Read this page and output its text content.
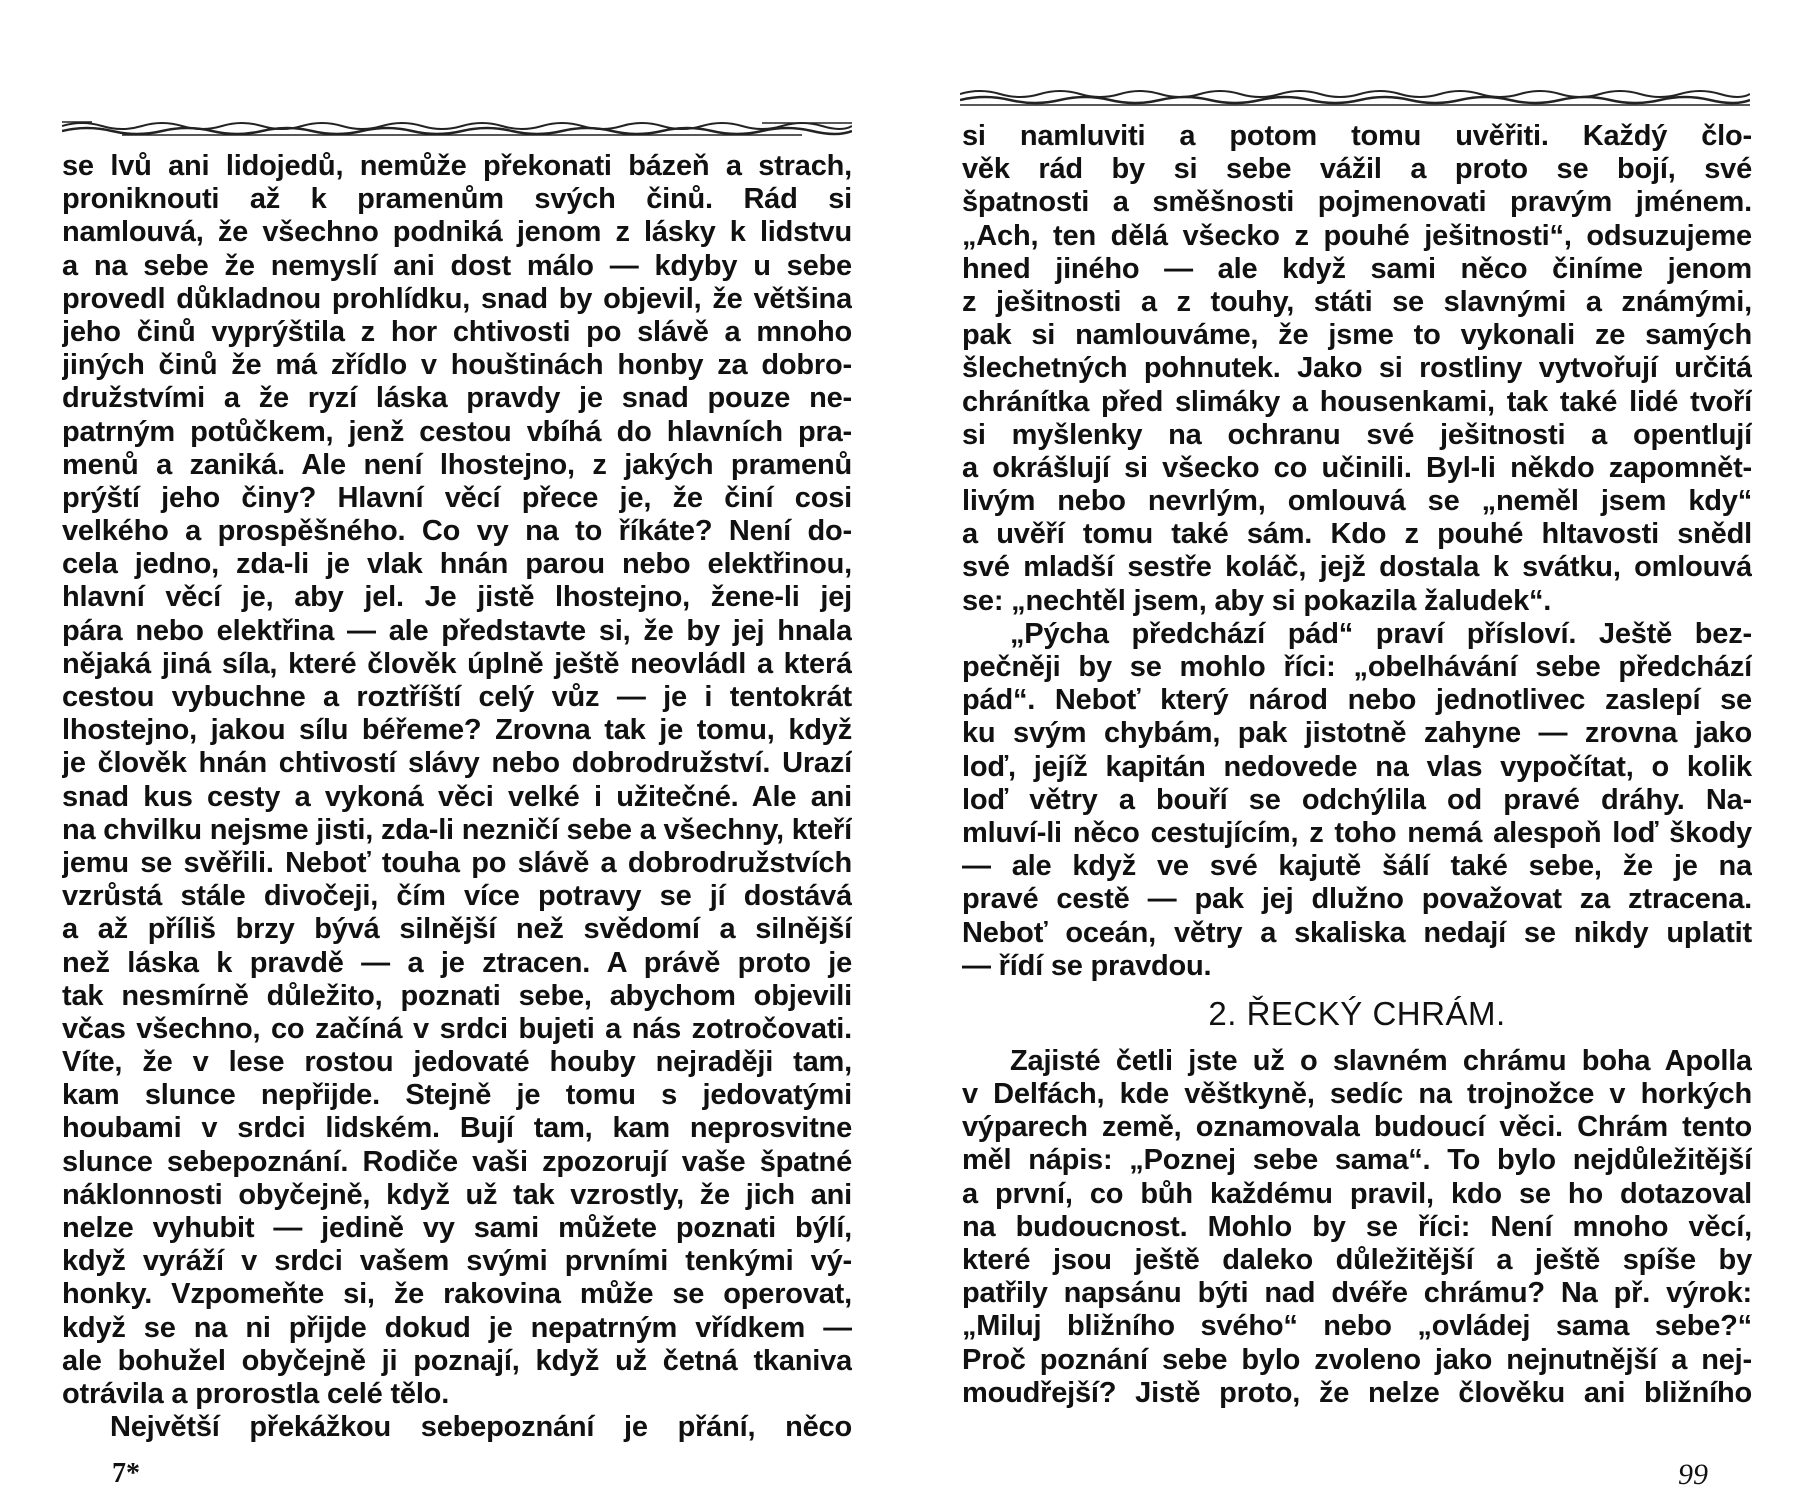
se lvů ani lidojedů, nemůže překonati bázeň a strach,
proniknouti až k pramenům svých činů. Rád si
namlouvá, že všechno podniká jenom z lásky k lidstvu
a na sebe že nemyslí ani dost málo — kdyby u sebe
provedl důkladnou prohlídku, snad by objevil, že většina
jeho činů vyprýštila z hor chtivosti po slávě a mnoho
jiných činů že má zřídlo v houštinách honby za dobro-
družstvími a že ryzí láska pravdy je snad pouze ne-
patrným potůčkem, jenž cestou vbíhá do hlavních pra-
menů a zaniká. Ale není lhostejno, z jakých pramenů
prýští jeho činy? Hlavní věcí přece je, že činí cosi
velkého a prospěšného. Co vy na to říkáte? Není do-
cela jedno, zda-li je vlak hnán parou nebo elektřinou,
hlavní věcí je, aby jel. Je jistě lhostejno, žene-li jej
pára nebo elektřina — ale představte si, že by jej hnala
nějaká jiná síla, které člověk úplně ještě neovládl a která
cestou vybuchne a roztříští celý vůz — je i tentokrát
lhostejno, jakou sílu béřeme? Zrovna tak je tomu, když
je člověk hnán chtivostí slávy nebo dobrodružství. Urazí
snad kus cesty a vykoná věci velké i užitečné. Ale ani
na chvilku nejsme jisti, zda-li nezničí sebe a všechny, kteří
jemu se svěřili. Neboť touha po slávě a dobrodružstvích
vzrůstá stále divočeji, čím více potravy se jí dostává
a až příliš brzy bývá silnější než svědomí a silnější
než láska k pravdě — a je ztracen. A právě proto je
tak nesmírně důležito, poznati sebe, abychom objevili
včas všechno, co začíná v srdci bujeti a nás zotročovati.
Víte, že v lese rostou jedovaté houby nejraději tam,
kam slunce nepřijde. Stejně je tomu s jedovatými
houbami v srdci lidském. Bují tam, kam neprosvitne
slunce sebepoznání. Rodiče vaši zpozorují vaše špatné
náklonnosti obyčejně, když už tak vzrostly, že jich ani
nelze vyhubit — jedině vy sami můžete poznati býlí,
když vyráží v srdci vašem svými prvními tenkými vý-
honky. Vzpomeňte si, že rakovina může se operovat,
když se na ni přijde dokud je nepatrným vřídkem —
ale bohužel obyčejně ji poznají, když už četná tkaniva
otrávila a prorostla celé tělo.
Největší překážkou sebepoznání je přání, něco
7*
si namluviti a potom tomu uvěřiti. Každý člo-
věk rád by si sebe vážil a proto se bojí, své
špatnosti a směšnosti pojmenovati pravým jménem.
„Ach, ten dělá všecko z pouhé ješitnosti“, odsuzujeme
hned jiného — ale když sami něco činíme jenom
z ješitnosti a z touhy, státi se slavnými a známými,
pak si namlouváme, že jsme to vykonali ze samých
šlechetných pohnutek. Jako si rostliny vytvořují určitá
chránítka před slimáky a housenkami, tak také lidé tvoří
si myšlenky na ochranu své ješitnosti a opentlují
a okrášlují si všecko co učinili. Byl-li někdo zapomnět-
livým nebo nevrlým, omlouvá se „neměl jsem kdy“
a uvěří tomu také sám. Kdo z pouhé hltavosti snědl
své mladší sestře koláč, jejž dostala k svátku, omlouvá
se: „nechtěl jsem, aby si pokazila žaludek“.
„Pýcha předchází pád“ praví přísloví. Ještě bez-
pečněji by se mohlo říci: „obelhávání sebe předchází
pád“. Neboť který národ nebo jednotlivec zaslepí se
ku svým chybám, pak jistotně zahyne — zrovna jako
loď, jejíž kapitán nedovede na vlas vypočítat, o kolik
loď větry a bouří se odchýlila od pravé dráhy. Na-
mluví-li něco cestujícím, z toho nemá alespoň loď škody
— ale když ve své kajutě šálí také sebe, že je na
pravé cestě — pak jej dlužno považovat za ztracena.
Neboť oceán, větry a skaliska nedají se nikdy uplatit
— řídí se pravdou.
2. ŘECKÝ CHRÁM.
Zajisté četli jste už o slavném chrámu boha Apolla
v Delfách, kde věštkyně, sedíc na trojnožce v horkých
výparech země, oznamovala budoucí věci. Chrám tento
měl nápis: „Poznej sebe sama“. To bylo nejdůležitější
a první, co bůh každému pravil, kdo se ho dotazoval
na budoucnost. Mohlo by se říci: Není mnoho věcí,
které jsou ještě daleko důležitější a ještě spíše by
patřily napsánu býti nad dvéře chrámu? Na př. výrok:
„Miluj bližního svého“ nebo „ovládej sama sebe?“
Proč poznání sebe bylo zvoleno jako nejnutnější a nej-
moudřejší? Jistě proto, že nelze člověku ani bližního
99
